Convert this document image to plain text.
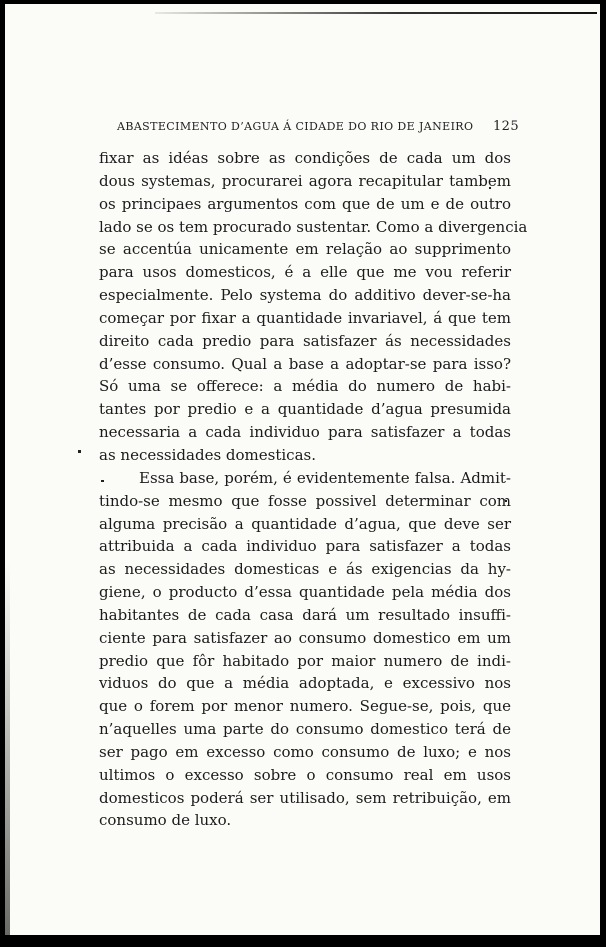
ABASTECIMENTO D’AGUA Á CIDADE DO RIO DE JANEIRO 125
fixar as idéas sobre as condições de cada um dos
dous systemas, procurarei agora recapitular tambem
os principaes argumentos com que de um e de outro
lado se os tem procurado sustentar. Como a divergencia
se accentúa unicamente em relação ao supprimento
para usos domesticos, é a elle que me vou referir
especialmente. Pelo systema do additivo dever-se-ha
começar por fixar a quantidade invariavel, á que tem
direito cada predio para satisfazer ás necessidades
d’esse consumo. Qual a base a adoptar-se para isso?
Só uma se offerece: a média do numero de habi-
tantes por predio e a quantidade d’agua presumida
necessaria a cada individuo para satisfazer a todas
as necessidades domesticas.
Essa base, porém, é evidentemente falsa. Admit-
tindo-se mesmo que fosse possivel determinar com
alguma precisão a quantidade d’agua, que deve ser
attribuida a cada individuo para satisfazer a todas
as necessidades domesticas e ás exigencias da hy-
giene, o producto d’essa quantidade pela média dos
habitantes de cada casa dará um resultado insuffi-
ciente para satisfazer ao consumo domestico em um
predio que fôr habitado por maior numero de indi-
viduos do que a média adoptada, e excessivo nos
que o forem por menor numero. Segue-se, pois, que
n’aquelles uma parte do consumo domestico terá de
ser pago em excesso como consumo de luxo; e nos
ultimos o excesso sobre o consumo real em usos
domesticos poderá ser utilisado, sem retribuição, em
consumo de luxo.
